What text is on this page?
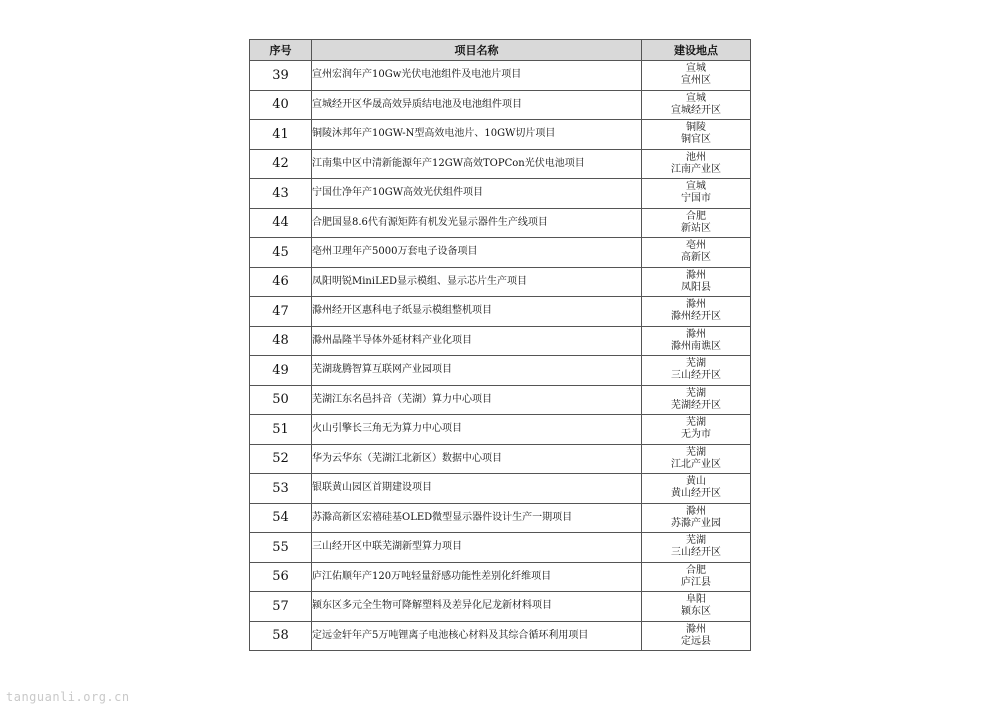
序号	项目名称	建设地点
39	宣州宏润年产10Gw光伏电池组件及电池片项目	宣城
宣州区

40	宣城经开区华晟高效异质结电池及电池组件项目	宣城
宣城经开区

41	铜陵沐邦年产10GW-N型高效电池片、10GW切片项目	铜陵
铜官区

42	江南集中区中清新能源年产12GW高效TOPCon光伏电池项目	池州
江南产业区

43	宁国仕净年产10GW高效光伏组件项目	宣城
宁国市

44	合肥国显8.6代有源矩阵有机发光显示器件生产线项目	合肥
新站区

45	亳州卫理年产5000万套电子设备项目	亳州
高新区

46	凤阳明锐MiniLED显示模组、显示芯片生产项目	滁州
凤阳县

47	滁州经开区惠科电子纸显示模组整机项目	滁州
滁州经开区

48	滁州晶隆半导体外延材料产业化项目	滁州
滁州南谯区

49	芜湖珑腾智算互联网产业园项目	芜湖
三山经开区

50	芜湖江东名邑抖音（芜湖）算力中心项目	芜湖
芜湖经开区

51	火山引擎长三角无为算力中心项目	芜湖
无为市

52	华为云华东（芜湖江北新区）数据中心项目	芜湖
江北产业区

53	银联黄山园区首期建设项目	黄山
黄山经开区

54	苏滁高新区宏禧硅基OLED微型显示器件设计生产一期项目	滁州
苏滁产业园

55	三山经开区中联芜湖新型算力项目	芜湖
三山经开区

56	庐江佑顺年产120万吨轻量舒感功能性差别化纤维项目	合肥
庐江县

57	颍东区多元全生物可降解塑料及差异化尼龙新材料项目	阜阳
颍东区

58	定远金轩年产5万吨锂离子电池核心材料及其综合循环利用项目	滁州
定远县
tanguanli.org.cn
